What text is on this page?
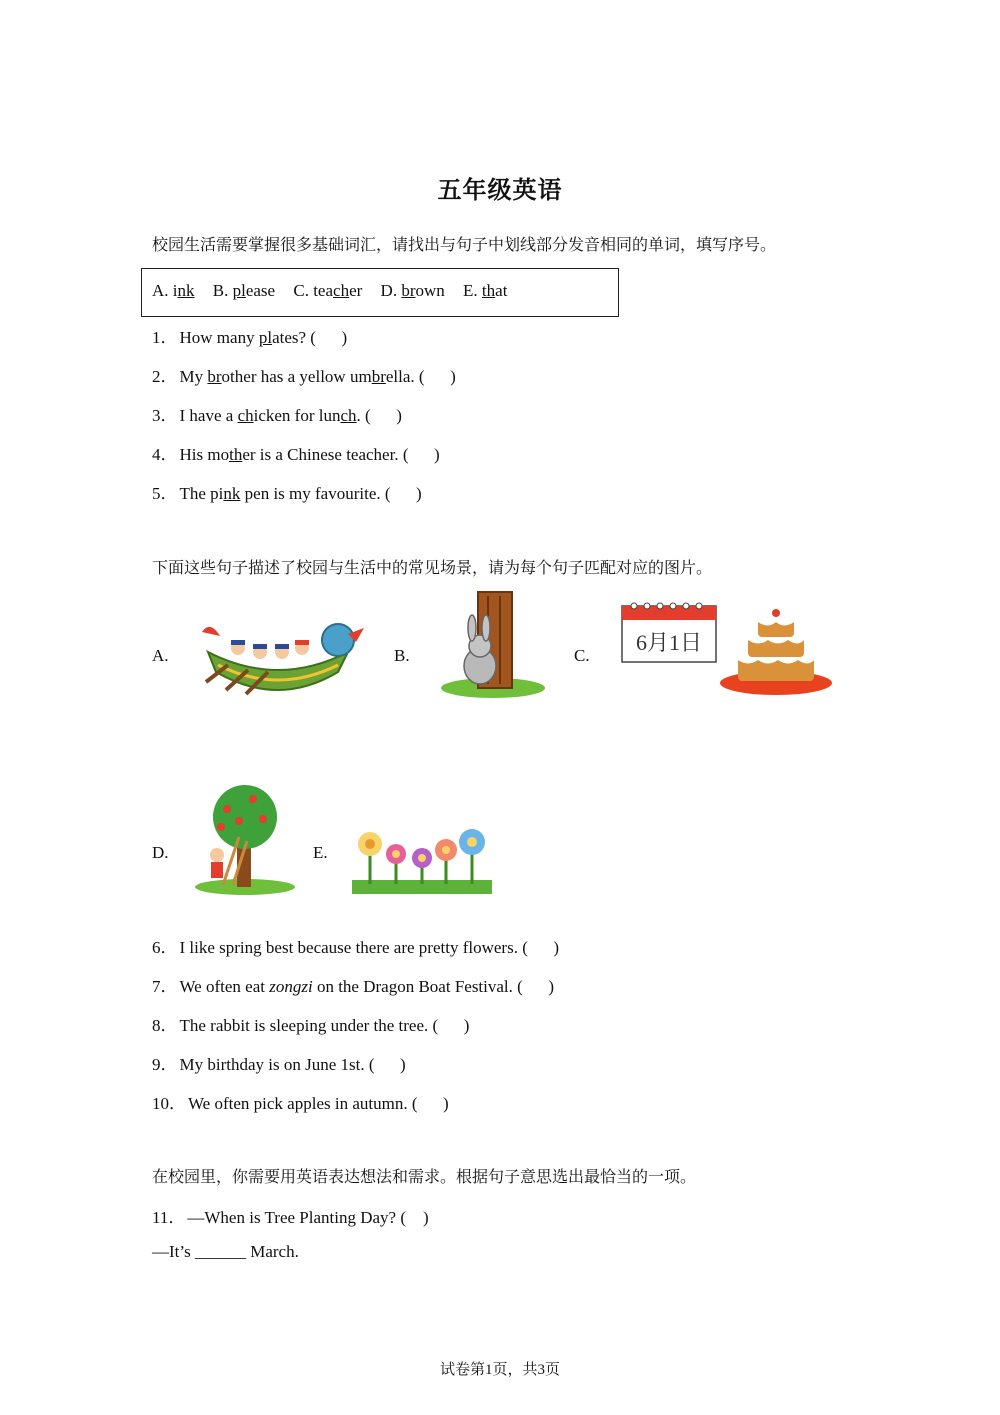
五年级英语
校园生活需要掌握很多基础词汇，请找出与句子中划线部分发音相同的单词，填写序号。
A. ink B. please C. teacher D. brown E. that
1． How many plates? (      )
2． My brother has a yellow umbrella. (      )
3． I have a chicken for lunch. (      )
4． His mother is a Chinese teacher. (      )
5． The pink pen is my favourite. (      )
下面这些句子描述了校园与生活中的常见场景，请为每个句子匹配对应的图片。
A.	B.	C.
6月1日
D.	E.
6． I like spring best because there are pretty flowers. (      )
7． We often eat zongzi on the Dragon Boat Festival. (      )
8． The rabbit is sleeping under the tree. (      )
9． My birthday is on June 1st. (      )
10． We often pick apples in autumn. (      )
在校园里，你需要用英语表达想法和需求。根据句子意思选出最恰当的一项。
11． —When is Tree Planting Day? (    )
—It’s ______ March.
试卷第1页，共3页
